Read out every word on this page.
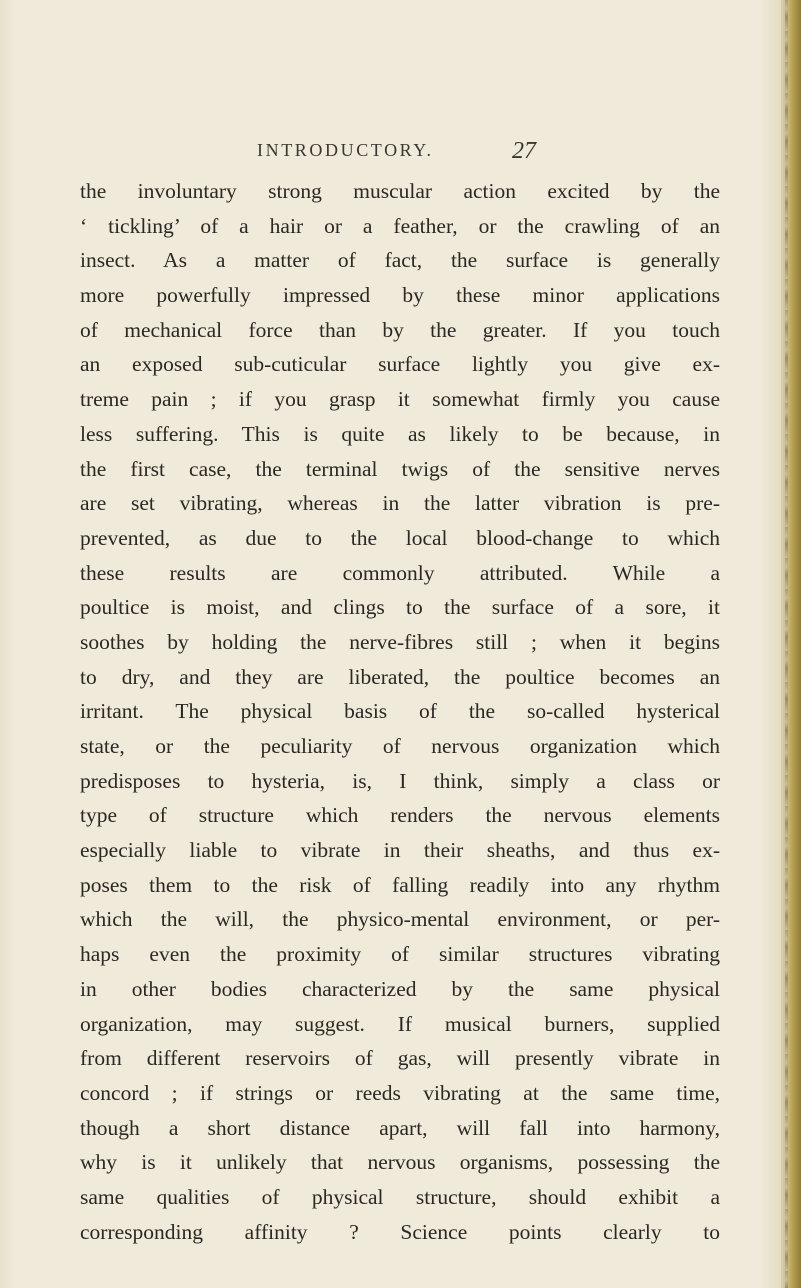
INTRODUCTORY.	27
the involuntary strong muscular action excited by the
‘ tickling’ of a hair or a feather, or the crawling of an
insect. As a matter of fact, the surface is generally
more powerfully impressed by these minor applications
of mechanical force than by the greater. If you touch
an exposed sub-cuticular surface lightly you give ex-
treme pain ; if you grasp it somewhat firmly you cause
less suffering. This is quite as likely to be because, in
the first case, the terminal twigs of the sensitive nerves
are set vibrating, whereas in the latter vibration is pre-
prevented, as due to the local blood-change to which
these results are commonly attributed. While a
poultice is moist, and clings to the surface of a sore, it
soothes by holding the nerve-fibres still ; when it begins
to dry, and they are liberated, the poultice becomes an
irritant. The physical basis of the so-called hysterical
state, or the peculiarity of nervous organization which
predisposes to hysteria, is, I think, simply a class or
type of structure which renders the nervous elements
especially liable to vibrate in their sheaths, and thus ex-
poses them to the risk of falling readily into any rhythm
which the will, the physico-mental environment, or per-
haps even the proximity of similar structures vibrating
in other bodies characterized by the same physical
organization, may suggest. If musical burners, supplied
from different reservoirs of gas, will presently vibrate in
concord ; if strings or reeds vibrating at the same time,
though a short distance apart, will fall into harmony,
why is it unlikely that nervous organisms, possessing the
same qualities of physical structure, should exhibit a
corresponding affinity ? Science points clearly to
